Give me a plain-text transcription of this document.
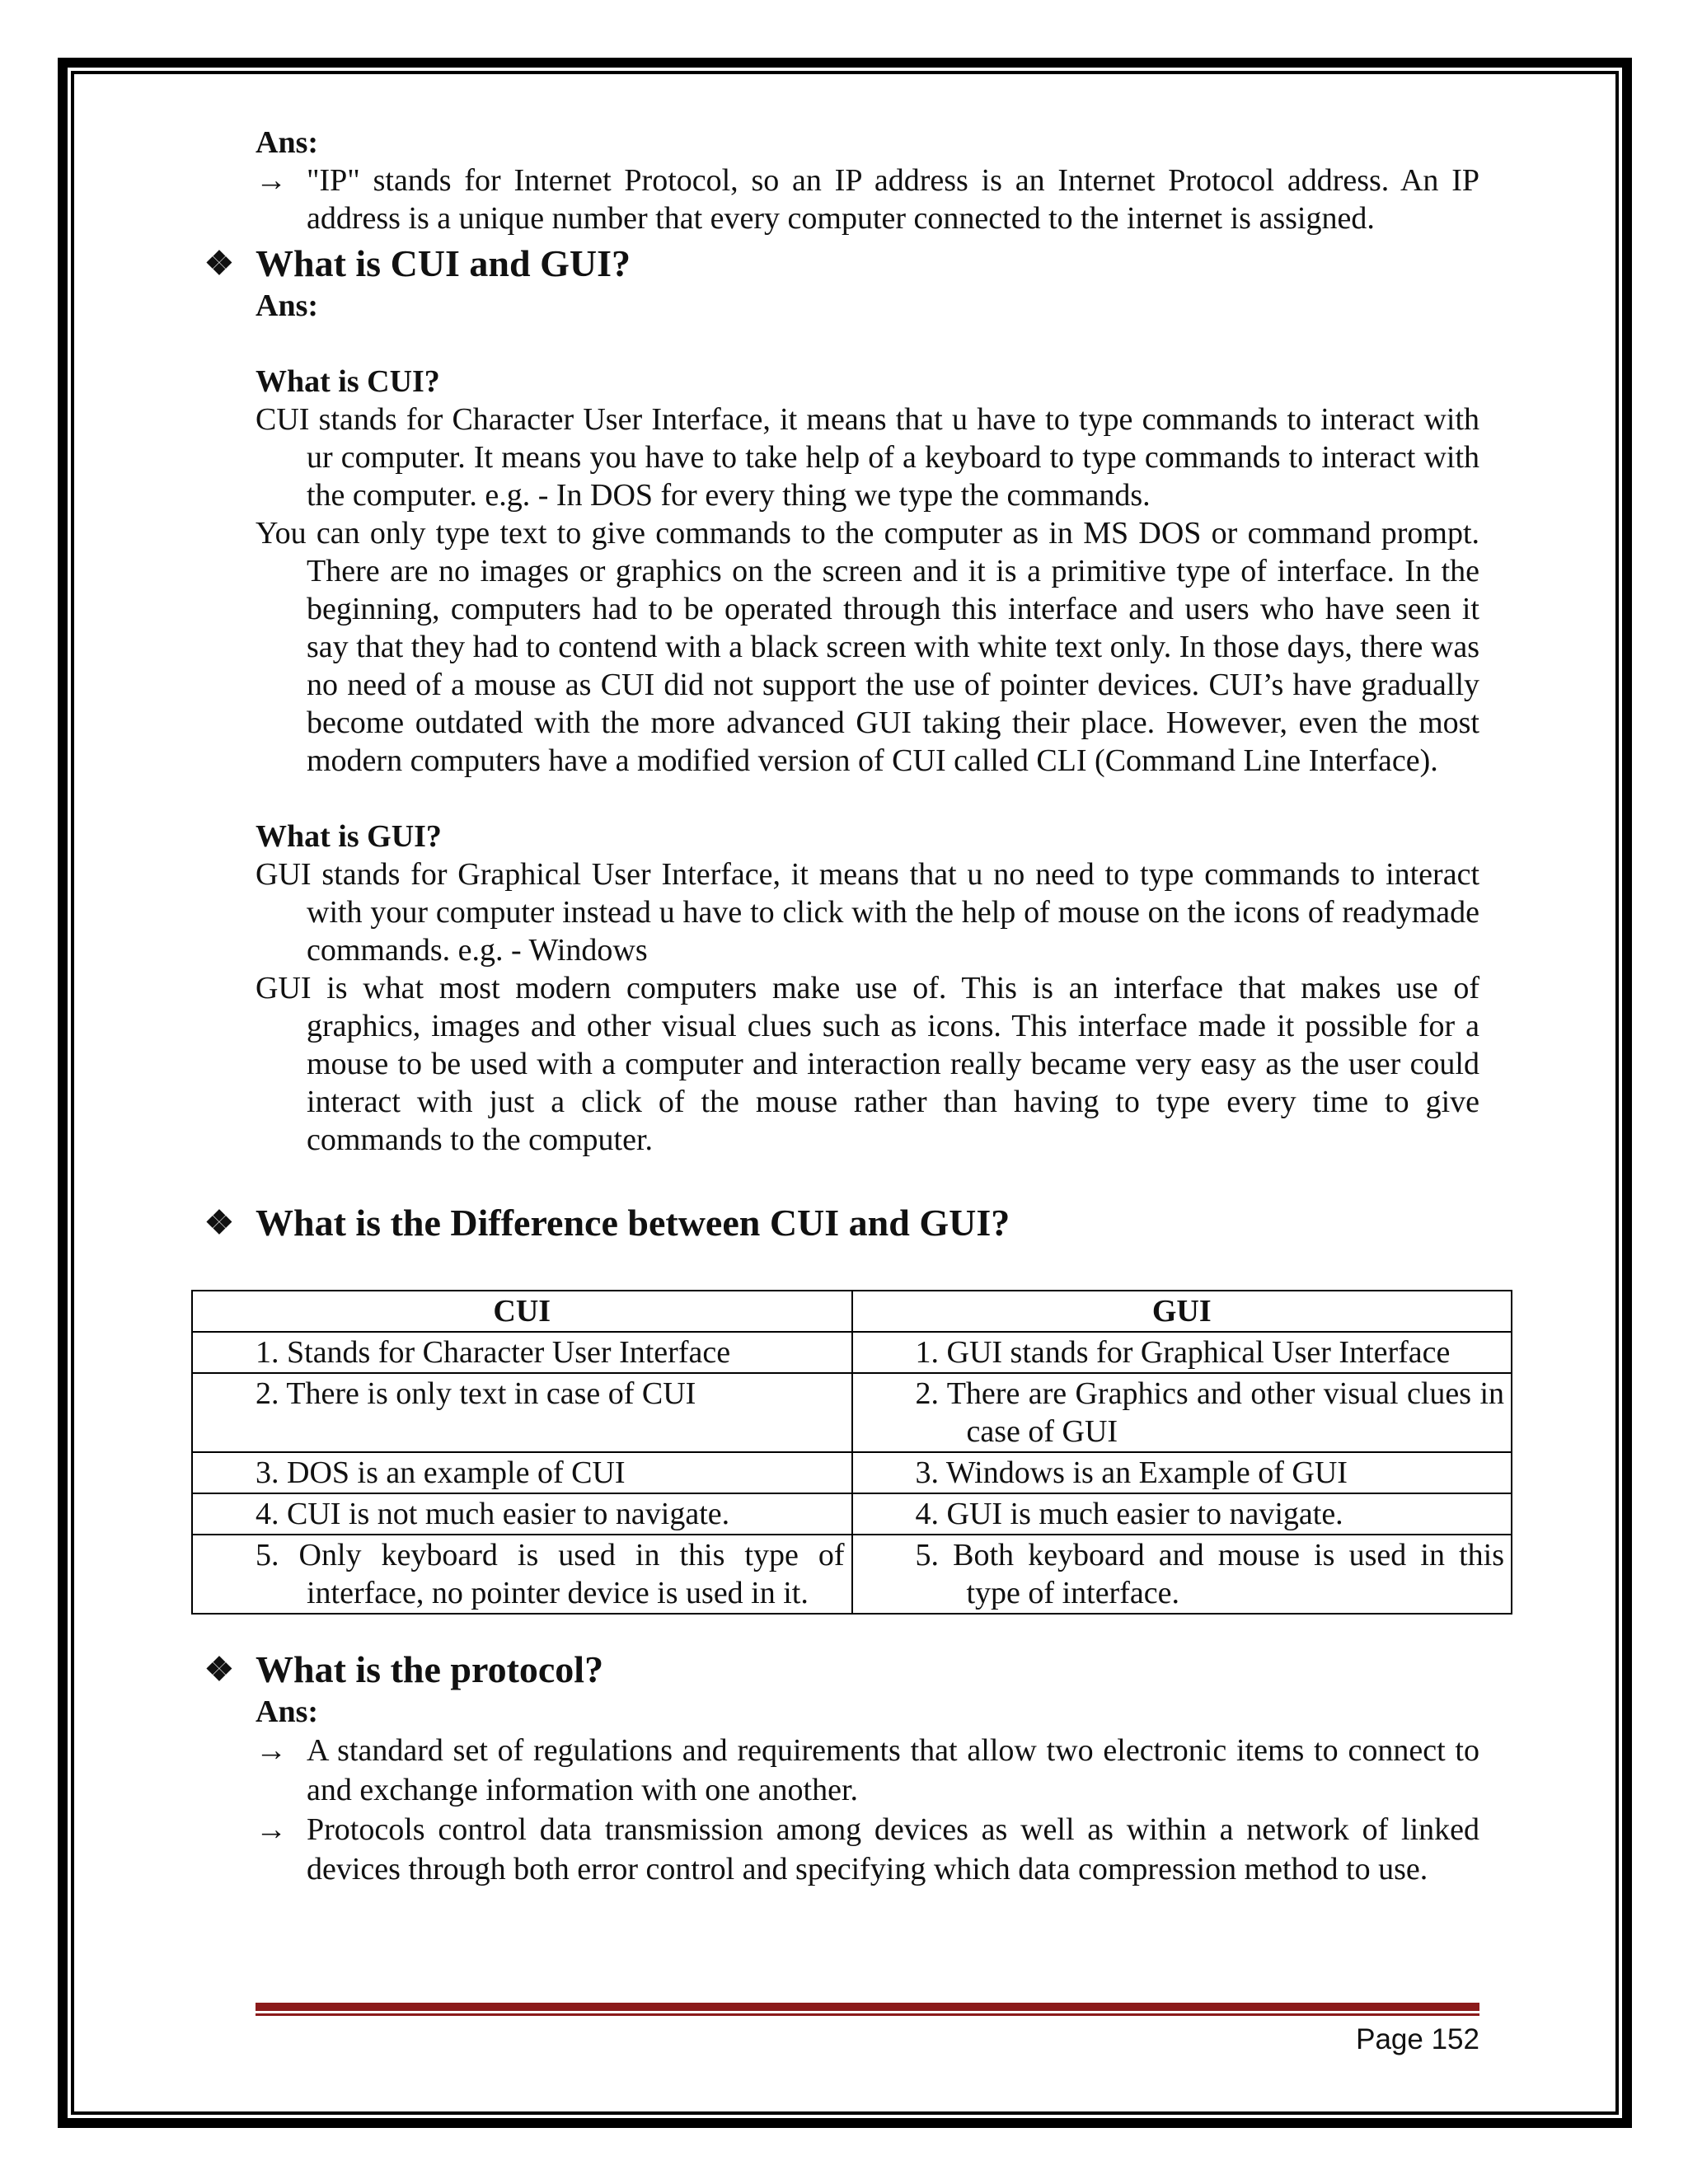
Ans:
→ "IP" stands for Internet Protocol, so an IP address is an Internet Protocol address. An IP address is a unique number that every computer connected to the internet is assigned.
❖ What is CUI and GUI?
Ans:
What is CUI?
CUI stands for Character User Interface, it means that u have to type commands to interact with ur computer. It means you have to take help of a keyboard to type commands to interact with the computer. e.g. - In DOS for every thing we type the commands.
You can only type text to give commands to the computer as in MS DOS or command prompt. There are no images or graphics on the screen and it is a primitive type of interface. In the beginning, computers had to be operated through this interface and users who have seen it say that they had to contend with a black screen with white text only. In those days, there was no need of a mouse as CUI did not support the use of pointer devices. CUI’s have gradually become outdated with the more advanced GUI taking their place. However, even the most modern computers have a modified version of CUI called CLI (Command Line Interface).
What is GUI?
GUI stands for Graphical User Interface, it means that u no need to type commands to interact with your computer instead u have to click with the help of mouse on the icons of readymade commands. e.g. - Windows
GUI is what most modern computers make use of. This is an interface that makes use of graphics, images and other visual clues such as icons. This interface made it possible for a mouse to be used with a computer and interaction really became very easy as the user could interact with just a click of the mouse rather than having to type every time to give commands to the computer.
❖ What is the Difference between CUI and GUI?
CUI	GUI

1. Stands for Character User Interface	1. GUI stands for Graphical User Interface

2. There is only text in case of CUI	2. There are Graphics and other visual clues in case of GUI

3. DOS is an example of CUI	3. Windows is an Example of GUI

4. CUI is not much easier to navigate.	4. GUI is much easier to navigate.

5. Only keyboard is used in this type of interface, no pointer device is used in it.	5. Both keyboard and mouse is used in this type of interface.
❖ What is the protocol?
Ans:
→ A standard set of regulations and requirements that allow two electronic items to connect to and exchange information with one another.
→ Protocols control data transmission among devices as well as within a network of linked devices through both error control and specifying which data compression method to use.
Page 152
